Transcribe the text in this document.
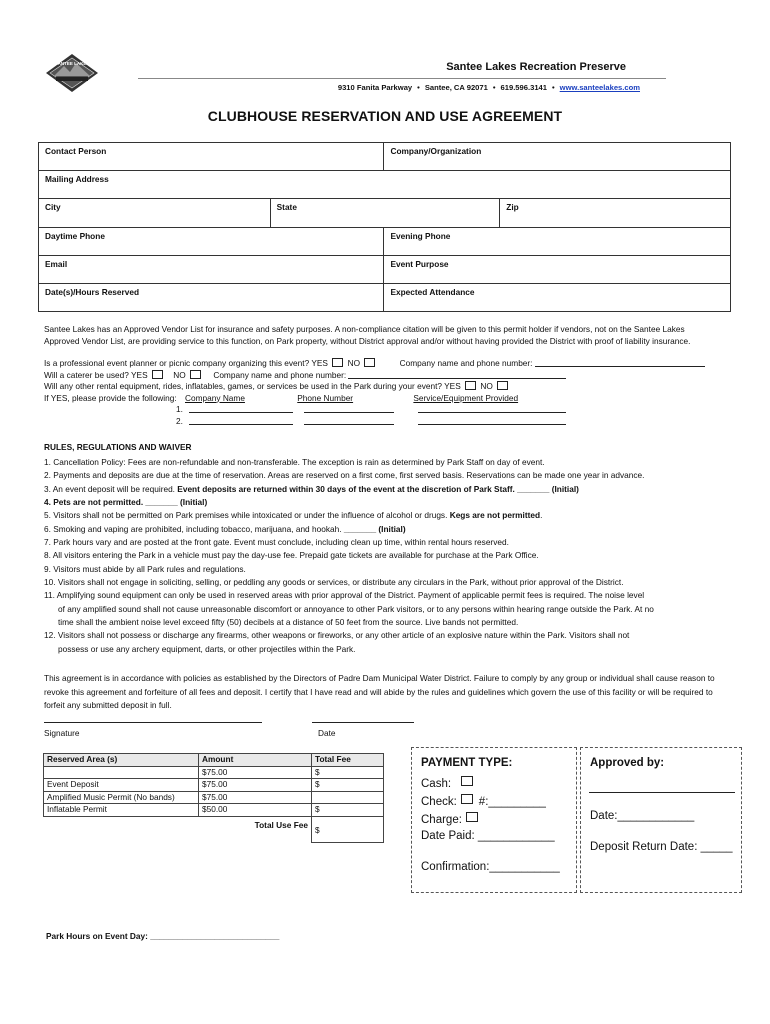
SANTEE LAKES	Santee Lakes Recreation Preserve
9310 Fanita Parkway • Santee, CA 92071 • 619.596.3141 • www.santeelakes.com
CLUBHOUSE RESERVATION AND USE AGREEMENT
Contact Person		Company/Organization	
Mailing Address			
City	State		Zip
Daytime Phone		Evening Phone	
Email		Event Purpose	
Date(s)/Hours Reserved		Expected Attendance	
Santee Lakes has an Approved Vendor List for insurance and safety purposes. A non-compliance citation will be given to this permit holder if vendors, not on the Santee Lakes
Approved Vendor List, are providing service to this function, on Park property, without District approval and/or without having provided the District with proof of liability insurance.
Is a professional event planner or picnic company organizing this event? YES NO	Company name and phone number:
Will a caterer be used? YES	NO	Company name and phone number:
Will any other rental equipment, rides, inflatables, games, or services be used in the Park during your event? YES NO
If YES, please provide the following: Company Name	Phone Number	Service/Equipment Provided
1.
2.
RULES, REGULATIONS AND WAIVER
1. Cancellation Policy: Fees are non-refundable and non-transferable. The exception is rain as determined by Park Staff on day of event.
2. Payments and deposits are due at the time of reservation. Areas are reserved on a first come, first served basis. Reservations can be made one year in advance.
3. An event deposit will be required. Event deposits are returned within 30 days of the event at the discretion of Park Staff. _______ (Initial)
4. Pets are not permitted. _______ (Initial)
5. Visitors shall not be permitted on Park premises while intoxicated or under the influence of alcohol or drugs. Kegs are not permitted.
6. Smoking and vaping are prohibited, including tobacco, marijuana, and hookah. _______ (Initial)
7. Park hours vary and are posted at the front gate. Event must conclude, including clean up time, within rental hours reserved.
8. All visitors entering the Park in a vehicle must pay the day-use fee. Prepaid gate tickets are available for purchase at the Park Office.
9. Visitors must abide by all Park rules and regulations.
10. Visitors shall not engage in soliciting, selling, or peddling any goods or services, or distribute any circulars in the Park, without prior approval of the District.
11. Amplifying sound equipment can only be used in reserved areas with prior approval of the District. Payment of applicable permit fees is required. The noise level
of any amplified sound shall not cause unreasonable discomfort or annoyance to other Park visitors, or to any persons within hearing range outside the Park. At no
time shall the ambient noise level exceed fifty (50) decibels at a distance of 50 feet from the source. Live bands not permitted.
12. Visitors shall not possess or discharge any firearms, other weapons or fireworks, or any other article of an explosive nature within the Park. Visitors shall not
possess or use any archery equipment, darts, or other projectiles within the Park.
This agreement is in accordance with policies as established by the Directors of Padre Dam Municipal Water District. Failure to comply by any group or individual shall cause reason to
revoke this agreement and forfeiture of all fees and deposit. I certify that I have read and will abide by the rules and guidelines which govern the use of this facility or will be required to
forfeit any submitted deposit in full.
Signature	Date
Reserved Area (s)	Amount	Total Fee
	$75.00	$
Event Deposit	$75.00	$
Amplified Music Permit (No bands)	$75.00	
Inflatable Permit	$50.00	$
	Total Use Fee	$
PAYMENT TYPE:
Cash:
Check: #:_________
Charge:
Date Paid: ____________
Confirmation:___________
Approved by:
Date:____________
Deposit Return Date: _____
Park Hours on Event Day: ____________________________
